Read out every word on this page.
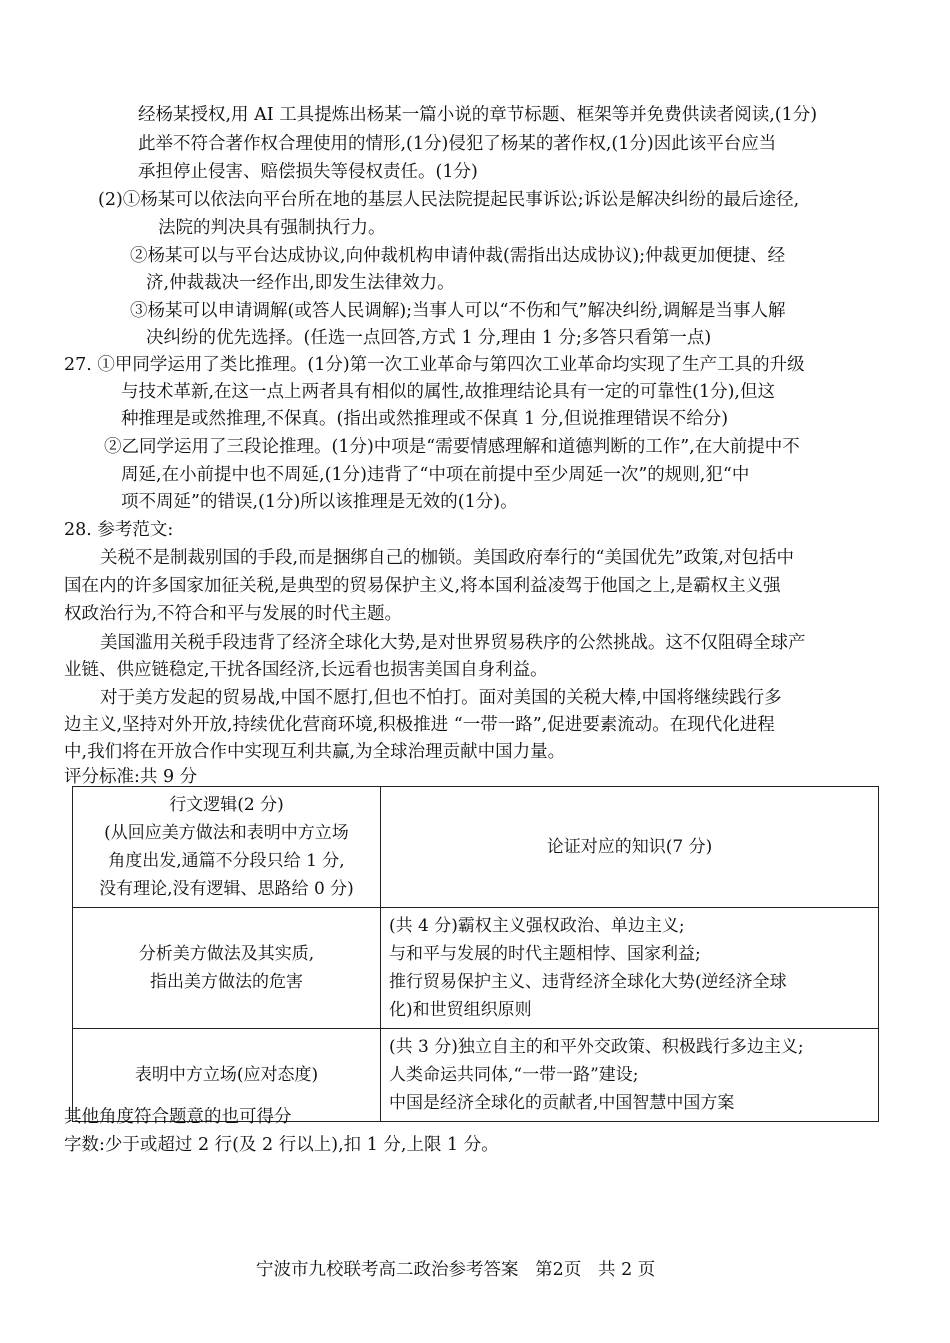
经杨某授权,用 AI 工具提炼出杨某一篇小说的章节标题、框架等并免费供读者阅读,(1分)
此举不符合著作权合理使用的情形,(1分)侵犯了杨某的著作权,(1分)因此该平台应当
承担停止侵害、赔偿损失等侵权责任。(1分)
(2)①杨某可以依法向平台所在地的基层人民法院提起民事诉讼;诉讼是解决纠纷的最后途径,
法院的判决具有强制执行力。
②杨某可以与平台达成协议,向仲裁机构申请仲裁(需指出达成协议);仲裁更加便捷、经
济,仲裁裁决一经作出,即发生法律效力。
③杨某可以申请调解(或答人民调解);当事人可以“不伤和气”解决纠纷,调解是当事人解
决纠纷的优先选择。(任选一点回答,方式 1 分,理由 1 分;多答只看第一点)
27. ①甲同学运用了类比推理。(1分)第一次工业革命与第四次工业革命均实现了生产工具的升级
与技术革新,在这一点上两者具有相似的属性,故推理结论具有一定的可靠性(1分),但这
种推理是或然推理,不保真。(指出或然推理或不保真 1 分,但说推理错误不给分)
②乙同学运用了三段论推理。(1分)中项是“需要情感理解和道德判断的工作”,在大前提中不
周延,在小前提中也不周延,(1分)违背了“中项在前提中至少周延一次”的规则,犯“中
项不周延”的错误,(1分)所以该推理是无效的(1分)。
28. 参考范文:
关税不是制裁别国的手段,而是捆绑自己的枷锁。美国政府奉行的“美国优先”政策,对包括中
国在内的许多国家加征关税,是典型的贸易保护主义,将本国利益凌驾于他国之上,是霸权主义强
权政治行为,不符合和平与发展的时代主题。
美国滥用关税手段违背了经济全球化大势,是对世界贸易秩序的公然挑战。这不仅阻碍全球产
业链、供应链稳定,干扰各国经济,长远看也损害美国自身利益。
对于美方发起的贸易战,中国不愿打,但也不怕打。面对美国的关税大棒,中国将继续践行多
边主义,坚持对外开放,持续优化营商环境,积极推进 “一带一路”,促进要素流动。在现代化进程
中,我们将在开放合作中实现互利共赢,为全球治理贡献中国力量。
评分标准:共 9 分
行文逻辑(2 分)
(从回应美方做法和表明中方立场
角度出发,通篇不分段只给 1 分,
没有理论,没有逻辑、思路给 0 分)	论证对应的知识(7 分)

分析美方做法及其实质,
指出美方做法的危害	(共 4 分)霸权主义强权政治、单边主义;
与和平与发展的时代主题相悖、国家利益;
推行贸易保护主义、违背经济全球化大势(逆经济全球
化)和世贸组织原则

表明中方立场(应对态度)	(共 3 分)独立自主的和平外交政策、积极践行多边主义;
人类命运共同体,“一带一路”建设;
中国是经济全球化的贡献者,中国智慧中国方案
其他角度符合题意的也可得分
字数:少于或超过 2 行(及 2 行以上),扣 1 分,上限 1 分。
宁波市九校联考高二政治参考答案   第2页   共 2 页
